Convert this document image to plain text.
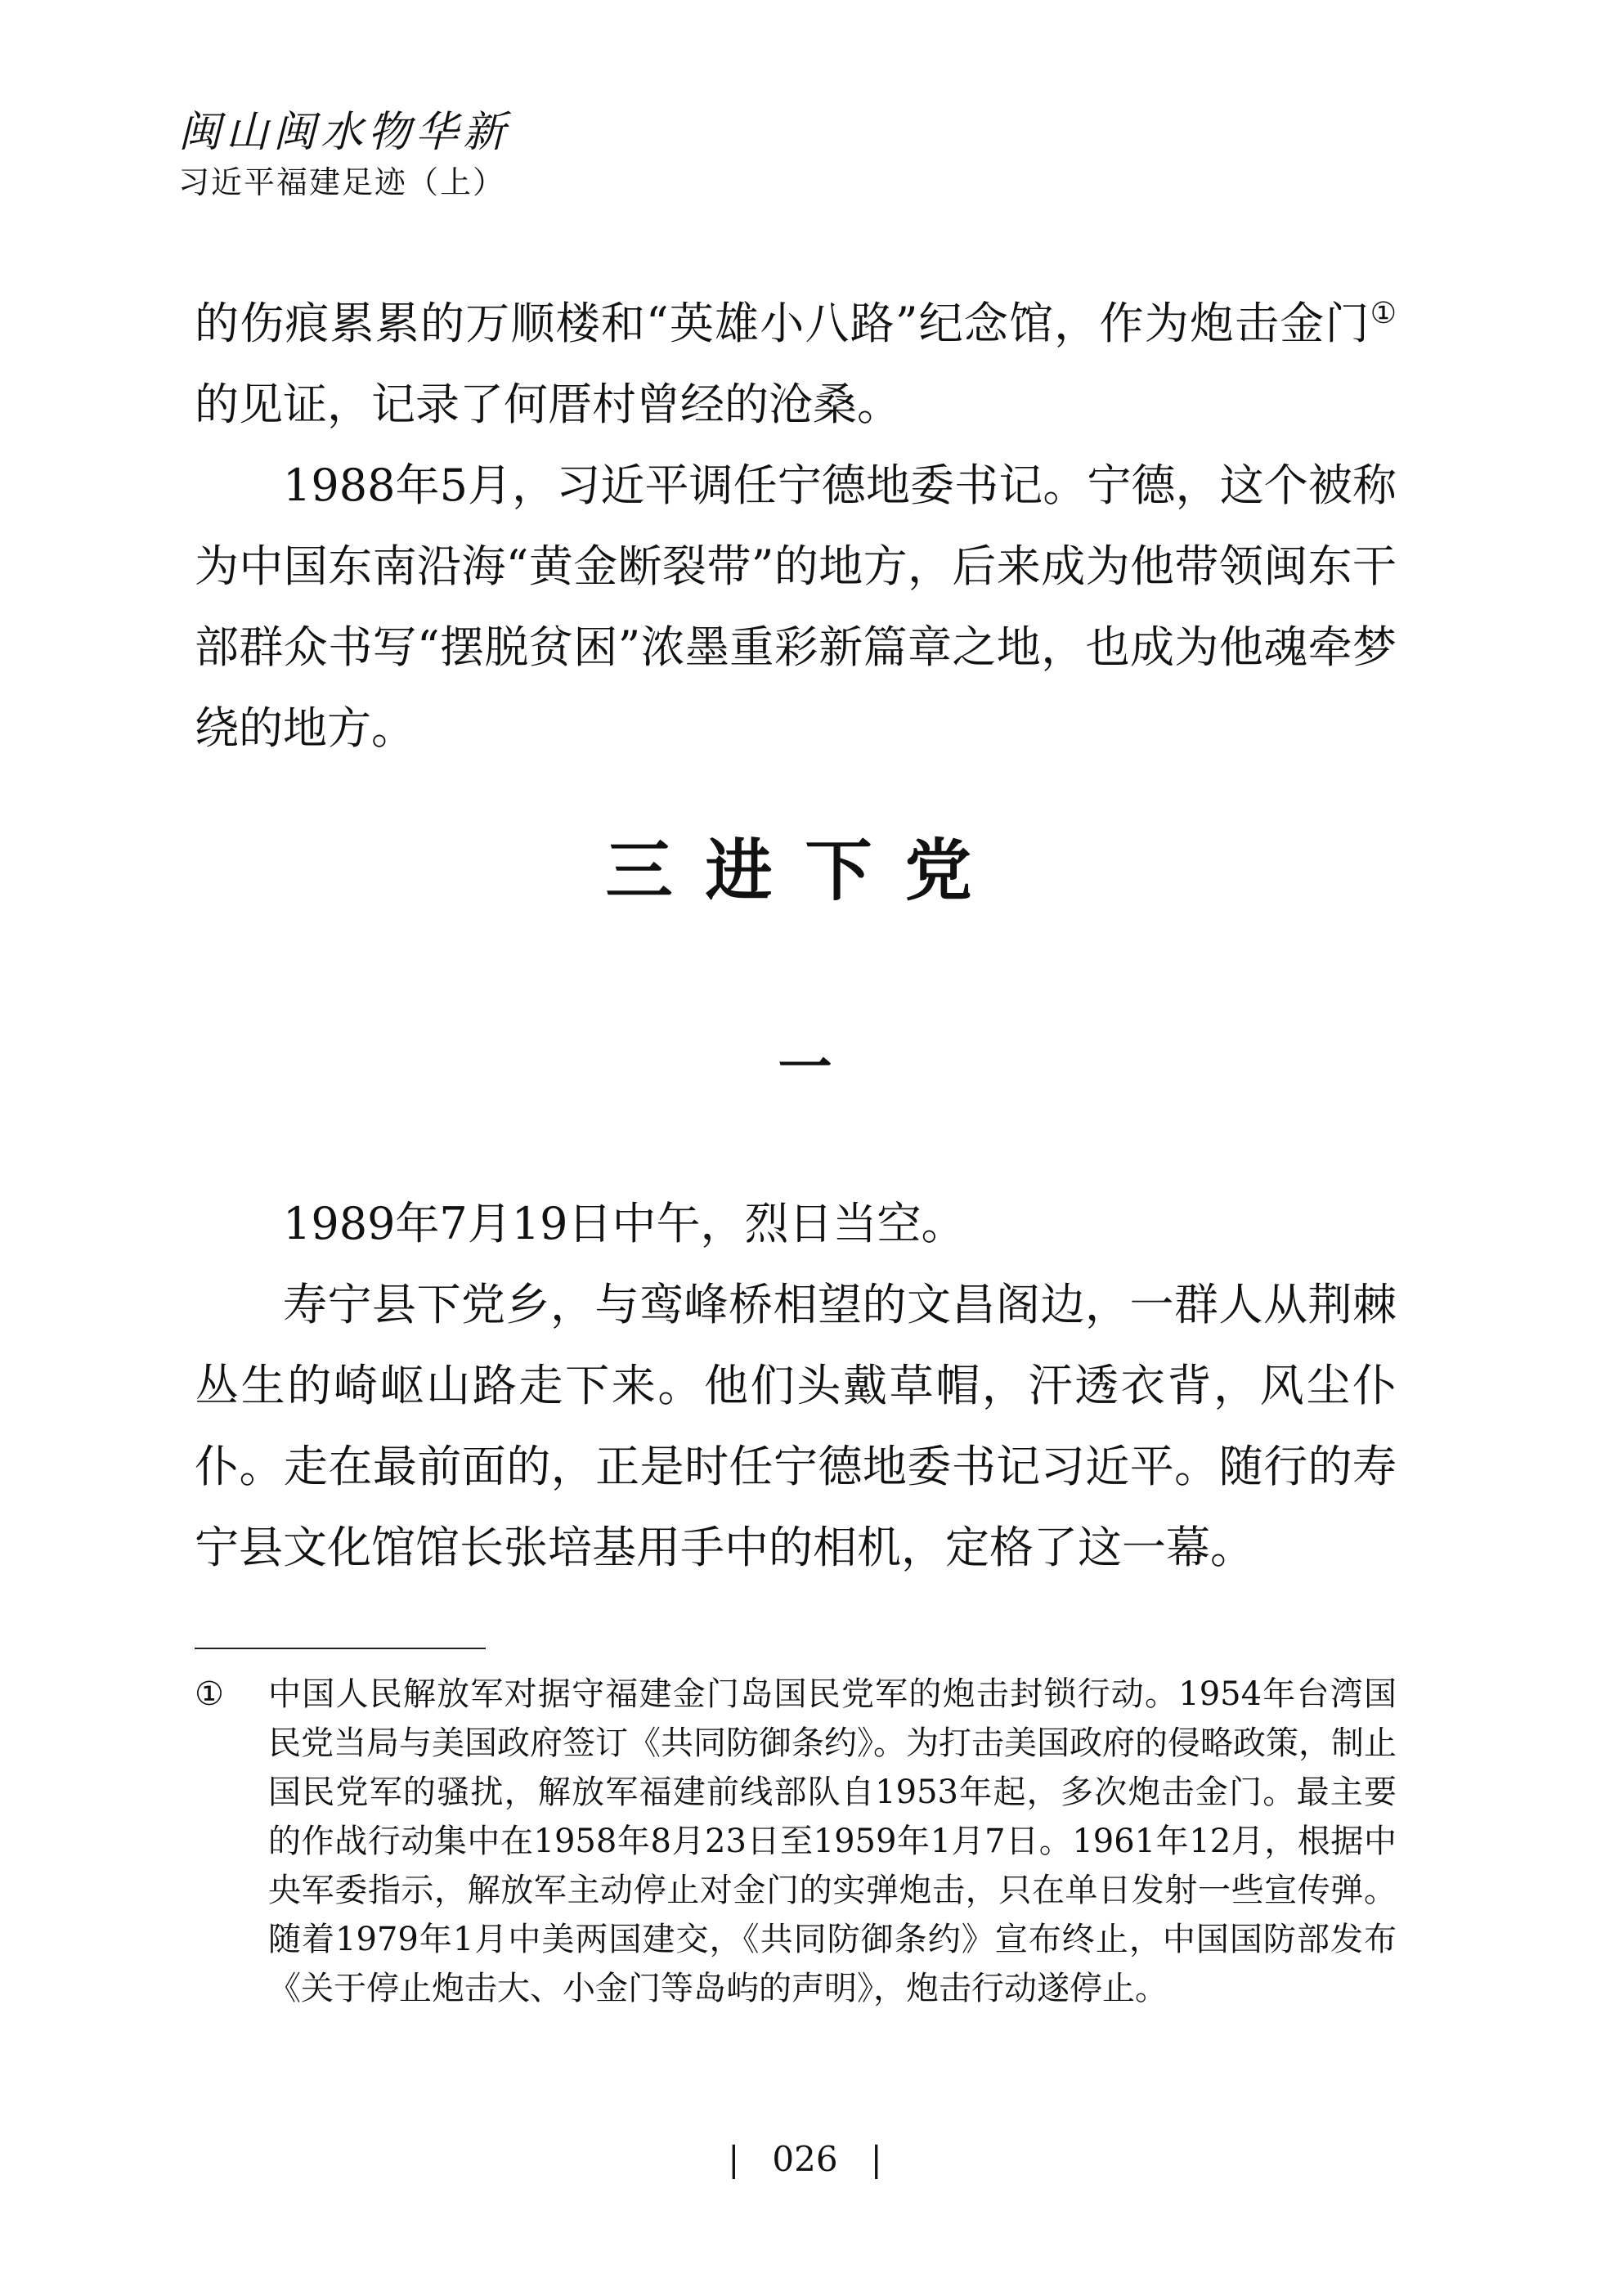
闽山闽水物华新
习近平福建足迹（上）

的伤痕累累的万顺楼和“英雄小八路”纪念馆，作为炮击金门①的见证，记录了何厝村曾经的沧桑。

1988年5月，习近平调任宁德地委书记。宁德，这个被称为中国东南沿海“黄金断裂带”的地方，后来成为他带领闽东干部群众书写“摆脱贫困”浓墨重彩新篇章之地，也成为他魂牵梦绕的地方。

三进下党
一

1989年7月19日中午，烈日当空。

寿宁县下党乡，与鸾峰桥相望的文昌阁边，一群人从荆棘丛生的崎岖山路走下来。他们头戴草帽，汗透衣背，风尘仆仆。走在最前面的，正是时任宁德地委书记习近平。随行的寿宁县文化馆馆长张培基用手中的相机，定格了这一幕。

① 中国人民解放军对据守福建金门岛国民党军的炮击封锁行动。1954年台湾国民党当局与美国政府签订《共同防御条约》。为打击美国政府的侵略政策，制止国民党军的骚扰，解放军福建前线部队自1953年起，多次炮击金门。最主要的作战行动集中在1958年8月23日至1959年1月7日。1961年12月，根据中央军委指示，解放军主动停止对金门的实弹炮击，只在单日发射一些宣传弹。随着1979年1月中美两国建交，《共同防御条约》宣布终止，中国国防部发布《关于停止炮击大、小金门等岛屿的声明》，炮击行动遂停止。

|   026   |
